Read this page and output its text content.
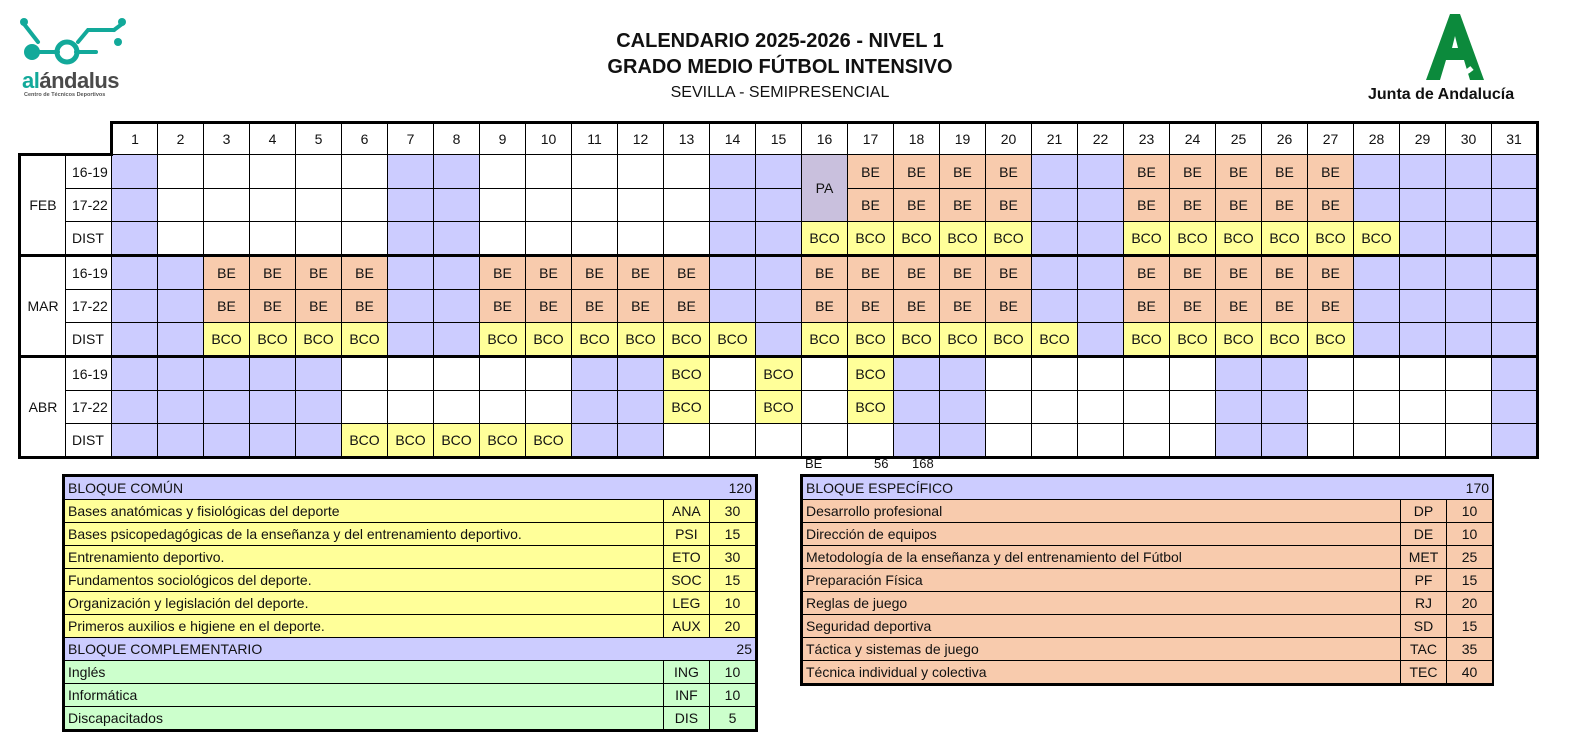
alándalus
Centro de Técnicos Deportivos
CALENDARIO 2025-2026 - NIVEL 1
GRADO MEDIO FÚTBOL INTENSIVO
SEVILLA - SEMIPRESENCIAL	Junta de Andalucía
		1	2	3	4	5	6	7	8	9	10	11	12	13	14	15	16	17	18	19	20	21	22	23	24	25	26	27	28	29	30	31
FEB	16-19																PA	BE	BE	BE	BE			BE	BE	BE	BE	BE				
	17-22																	BE	BE	BE	BE			BE	BE	BE	BE	BE				
	DIST																BCO	BCO	BCO	BCO	BCO			BCO	BCO	BCO	BCO	BCO	BCO			
MAR	16-19			BE	BE	BE	BE			BE	BE	BE	BE	BE			BE	BE	BE	BE	BE			BE	BE	BE	BE	BE				
	17-22			BE	BE	BE	BE			BE	BE	BE	BE	BE			BE	BE	BE	BE	BE			BE	BE	BE	BE	BE				
	DIST			BCO	BCO	BCO	BCO			BCO	BCO	BCO	BCO	BCO	BCO		BCO	BCO	BCO	BCO	BCO	BCO		BCO	BCO	BCO	BCO	BCO				
ABR	16-19													BCO		BCO		BCO														
	17-22													BCO		BCO		BCO														
	DIST						BCO	BCO	BCO	BCO	BCO																					
BE	56 168
BLOQUE COMÚN		120
Bases anatómicas y fisiológicas del deporte	ANA	30
Bases psicopedagógicas de la enseñanza y del entrenamiento deportivo.	PSI	15
Entrenamiento deportivo.	ETO	30
Fundamentos sociológicos del deporte.	SOC	15
Organización y legislación del deporte.	LEG	10
Primeros auxilios e higiene en el deporte.	AUX	20
BLOQUE COMPLEMENTARIO		25
Inglés	ING	10
Informática	INF	10
Discapacitados	DIS	5
BLOQUE ESPECÍFICO		170
Desarrollo profesional	DP	10
Dirección de equipos	DE	10
Metodología de la enseñanza y del entrenamiento del Fútbol	MET	25
Preparación Física	PF	15
Reglas de juego	RJ	20
Seguridad deportiva	SD	15
Táctica y sistemas de juego	TAC	35
Técnica individual y colectiva	TEC	40
